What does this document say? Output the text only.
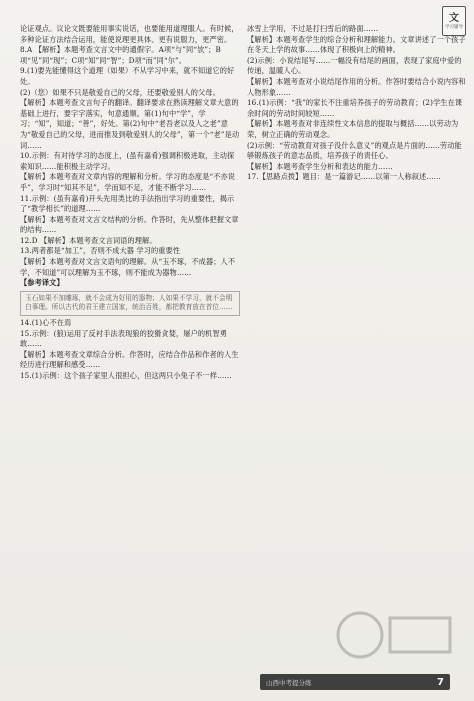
文
学习辅导

论证观点。议论文既要能用事实说话，也要能用道理服人。有时候，多种论证方法结合运用，能使说理更具体、更有说服力，更严密。

8.A 【解析】本题考查文言文中的通假字。A项“与”同“欤”；B项“见”同“现”；C项“知”同“智”；D项“而”同“尔”。

9.(1)要先能懂得这个道理（如果）不从学习中来，就不知道它的好处。

(2)（您）如果不只是敬爱自己的父母，还要敬爱别人的父母。

【解析】本题考查文言句子的翻译。翻译要求在熟读理解文章大意的基础上进行，要字字落实，句意通顺。第(1)句中“学”，学习；“知”，知道；“善”，好处。第(2)句中“老吾老以及人之老”意为“敬爱自己的父母，进而推及到敬爱别人的父母”，第一个“老”是动词……

10.示例：有对待学习的态度上，(虽有嘉肴)强调积极进取，主动探索知识……能积极主动学习。

【解析】本题考查对文章内容的理解和分析。学习的态度是“不亦说乎”，学习时“知其不足”，学而知不足，才能不断学习……

11.示例：(虽有嘉肴)开头先用类比的手法指出学习的重要性，揭示了“教学相长”的道理……

【解析】本题考查对文言文结构的分析。作答时，先从整体把握文章的结构……

12.D 【解析】本题考查文言词语的理解。

13.两者都是“加工”，否则不成大器 学习的重要性

【解析】本题考查对文言文语句的理解。从“玉不琢，不成器；人不学，不知道”可以理解为玉不琢，则不能成为器物……

【参考译文】

玉石如果不加雕琢，就不会成为好用的器物；人如果不学习，就不会明白事理。所以古代的君王建立国家，统治百姓，都把教育放在首位……

14.(1)心不在焉

15.示例：(狼)运用了反衬手法表现狼的狡猾贪婪，屠户的机智勇敢……

【解析】本题考查文章综合分析。作答时，应结合作品和作者的人生经历进行理解和感受……

15.(1)示例：这个孩子家里人很担心，但这两只小兔子不一样……

冰雪上学用，不过是打扫雪后的路面……

【解析】本题考查学生的综合分析和理解能力。文章讲述了一个孩子在冬天上学的故事……体现了积极向上的精神。

(2)示例：小说结尾写……一幅没有结尾的画面，表现了家庭中爱的传递，温暖人心。

【解析】本题考查对小说结尾作用的分析。作答时要结合小说内容和人物形象……

16.(1)示例：“我”的家长不注重培养孩子的劳动教育；(2)学生在课余时间的劳动时间较短……

【解析】本题考查对非连续性文本信息的提取与概括……以劳动为荣，树立正确的劳动观念。

(2)示例：“劳动教育对孩子没什么意义”的观点是片面的……劳动能够锻炼孩子的意志品质，培养孩子的责任心。

【解析】本题考查学生分析和表达的能力……

17.【思路点拨】题目：是一篇游记……以第一人称叙述……

山西中考提分练	7
